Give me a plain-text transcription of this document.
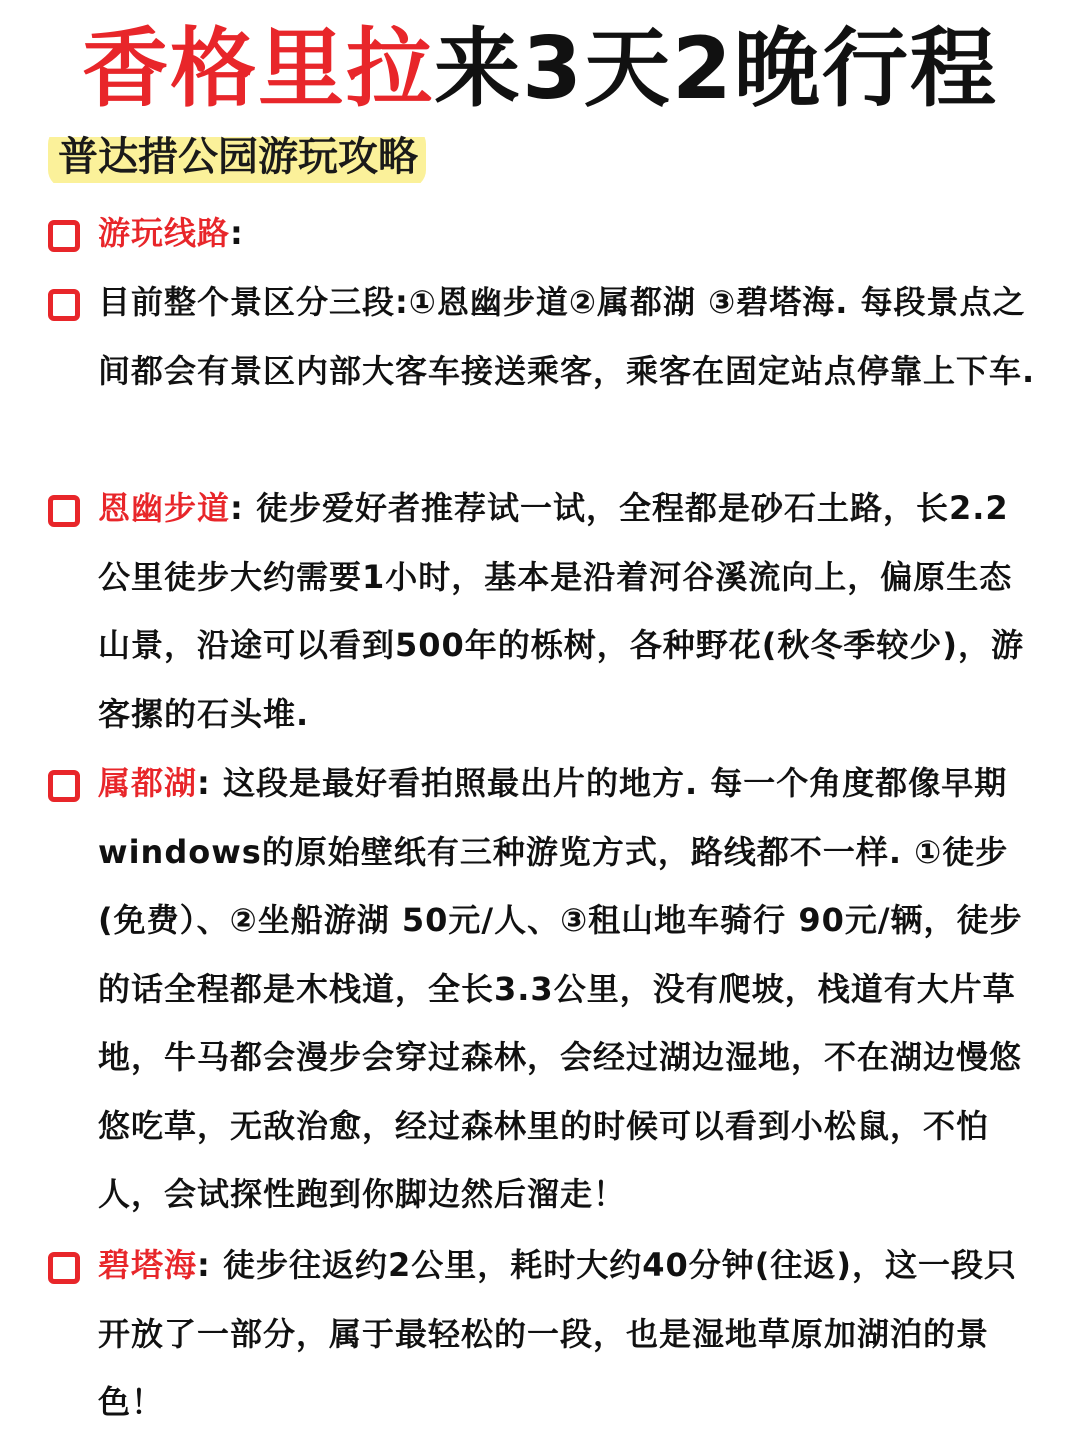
香格里拉来3天2晚行程
普达措公园游玩攻略
游玩线路:
目前整个景区分三段:①恩幽步道②属都湖 ③碧塔海. 每段景点之间都会有景区内部大客车接送乘客，乘客在固定站点停靠上下车.
恩幽步道: 徒步爱好者推荐试一试，全程都是砂石土路，长2.2公里徒步大约需要1小时，基本是沿着河谷溪流向上，偏原生态山景，沿途可以看到500年的栎树，各种野花(秋冬季较少)，游客摞的石头堆.
属都湖: 这段是最好看拍照最出片的地方. 每一个角度都像早期windows的原始壁纸有三种游览方式，路线都不一样. ①徒步(免费）、②坐船游湖 50元/人、③租山地车骑行 90元/辆，徒步的话全程都是木栈道，全长3.3公里，没有爬坡，栈道有大片草地，牛马都会漫步会穿过森林，会经过湖边湿地，不在湖边慢悠悠吃草，无敌治愈，经过森林里的时候可以看到小松鼠，不怕人，会试探性跑到你脚边然后溜走！
碧塔海: 徒步往返约2公里，耗时大约40分钟(往返)，这一段只开放了一部分，属于最轻松的一段，也是湿地草原加湖泊的景色！
